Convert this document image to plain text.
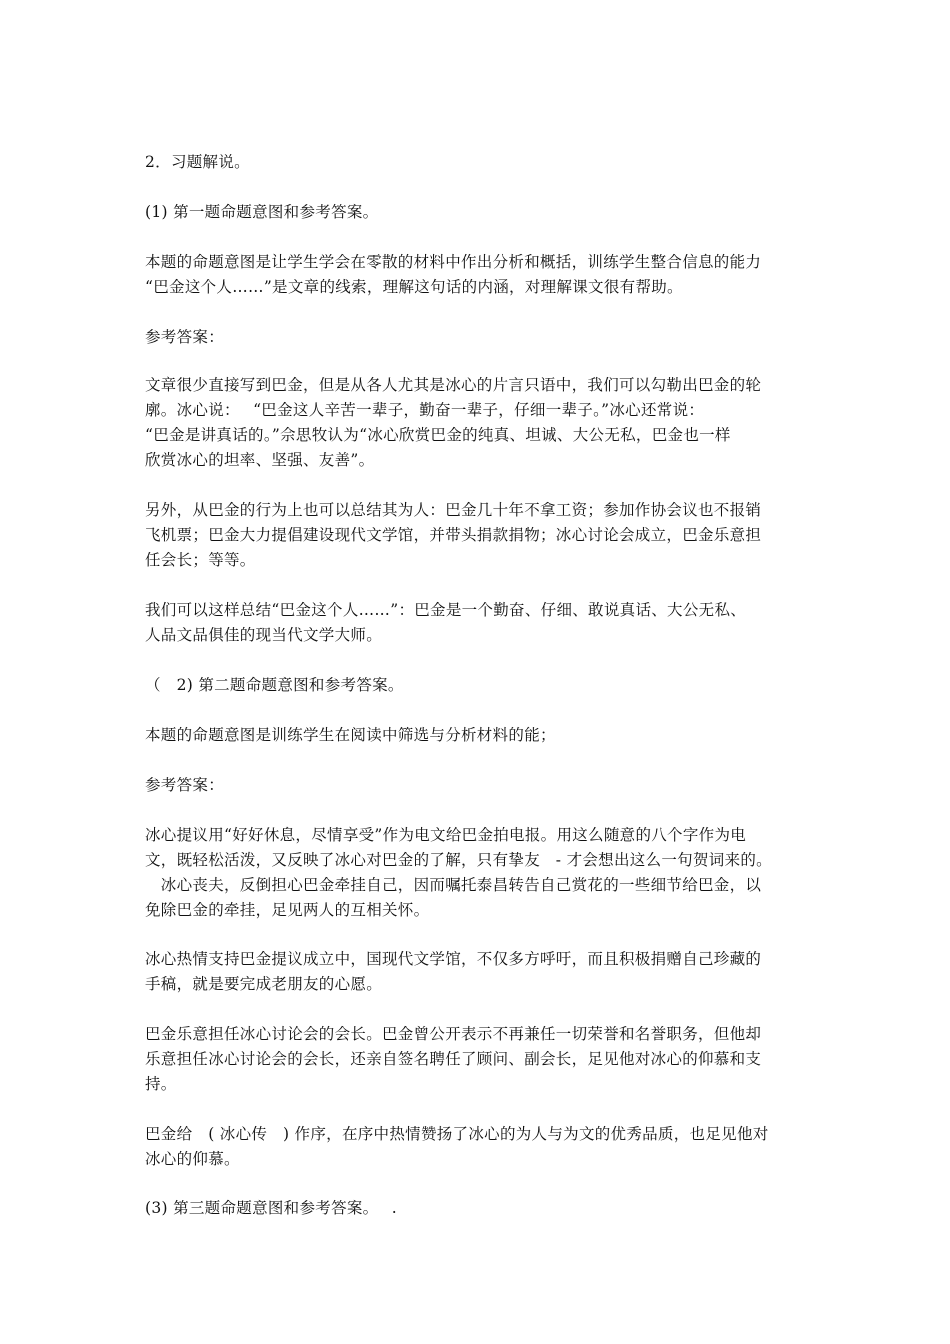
2．习题解说。

(1) 第一题命题意图和参考答案。

本题的命题意图是让学生学会在零散的材料中作出分析和概括，训练学生整合信息的能力
“巴金这个人……”是文章的线索，理解这句话的内涵，对理解课文很有帮助。

参考答案：

文章很少直接写到巴金，但是从各人尤其是冰心的片言只语中，我们可以勾勒出巴金的轮
廓。冰心说：　 “巴金这人辛苦一辈子，勤奋一辈子，仔细一辈子。”冰心还常说：
“巴金是讲真话的。”佘思牧认为“冰心欣赏巴金的纯真、坦诚、大公无私，巴金也一样
欣赏冰心的坦率、坚强、友善”。

另外，从巴金的行为上也可以总结其为人：巴金几十年不拿工资；参加作协会议也不报销
飞机票；巴金大力提倡建设现代文学馆，并带头捐款捐物；冰心讨论会成立，巴金乐意担
任会长；等等。

我们可以这样总结“巴金这个人……”：巴金是一个勤奋、仔细、敢说真话、大公无私、
人品文品俱佳的现当代文学大师。

（　2) 第二题命题意图和参考答案。

本题的命题意图是训练学生在阅读中筛选与分析材料的能；

参考答案：

冰心提议用“好好休息，尽情享受”作为电文给巴金拍电报。用这么随意的八个字作为电
文，既轻松活泼，又反映了冰心对巴金的了解，只有挚友　- 才会想出这么一句贺词来的。
　冰心丧夫，反倒担心巴金牵挂自己，因而嘱托泰昌转告自己赏花的一些细节给巴金，以
免除巴金的牵挂，足见两人的互相关怀。

冰心热情支持巴金提议成立中，国现代文学馆，不仅多方呼吁，而且积极捐赠自己珍藏的
手稿，就是要完成老朋友的心愿。

巴金乐意担任冰心讨论会的会长。巴金曾公开表示不再兼任一切荣誉和名誉职务，但他却
乐意担任冰心讨论会的会长，还亲自签名聘任了顾问、副会长，足见他对冰心的仰慕和支
持。

巴金给　( 冰心传　) 作序，在序中热情赞扬了冰心的为人与为文的优秀品质，也足见他对
冰心的仰慕。

(3) 第三题命题意图和参考答案。　 .
